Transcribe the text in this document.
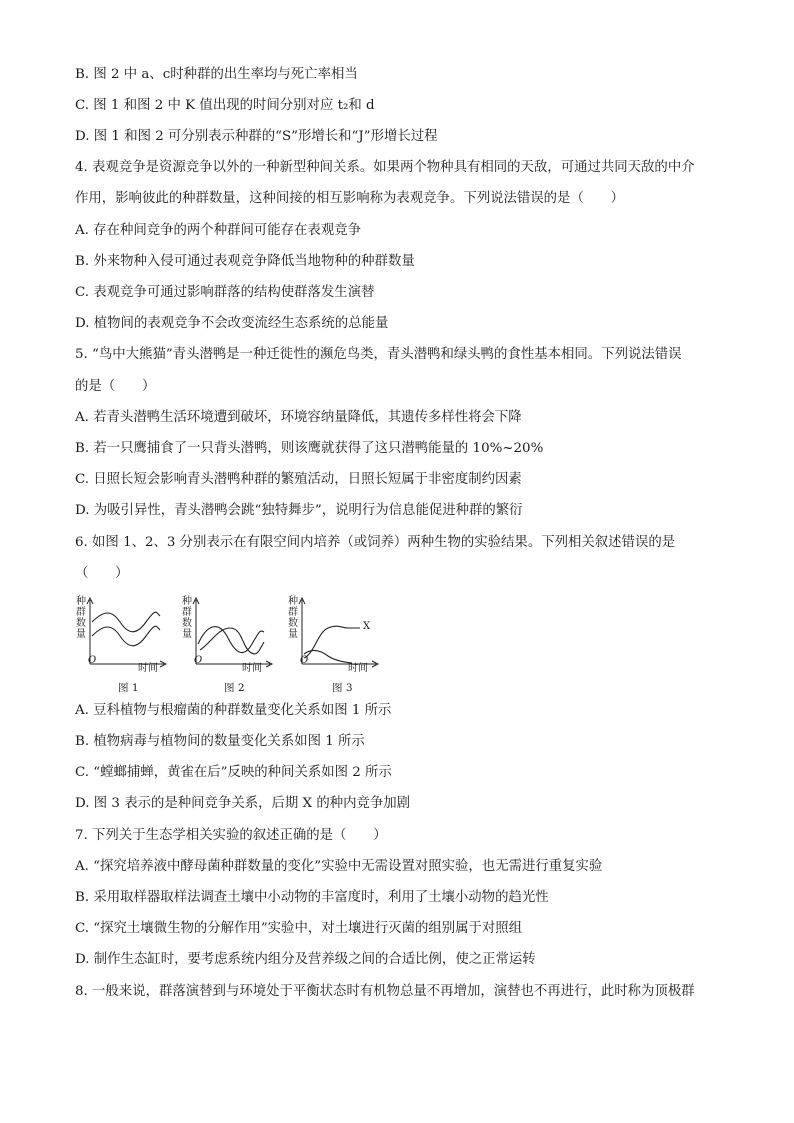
B. 图 2 中 a、c时种群的出生率均与死亡率相当
C. 图 1 和图 2 中 K 值出现的时间分别对应 t₂和 d
D. 图 1 和图 2 可分别表示种群的“S”形增长和“J”形增长过程
4. 表观竞争是资源竞争以外的一种新型种间关系。如果两个物种具有相同的天敌，可通过共同天敌的中介
作用，影响彼此的种群数量，这种间接的相互影响称为表观竞争。下列说法错误的是（　　）
A. 存在种间竞争的两个种群间可能存在表观竞争
B. 外来物种入侵可通过表观竞争降低当地物种的种群数量
C. 表观竞争可通过影响群落的结构使群落发生演替
D. 植物间的表观竞争不会改变流经生态系统的总能量
5. “鸟中大熊猫”青头潜鸭是一种迁徙性的濒危鸟类，青头潜鸭和绿头鸭的食性基本相同。下列说法错误
的是（　　）
A. 若青头潜鸭生活环境遭到破坏，环境容纳量降低，其遗传多样性将会下降
B. 若一只鹰捕食了一只背头潜鸭，则该鹰就获得了这只潜鸭能量的 10%~20%
C. 日照长短会影响青头潜鸭种群的繁殖活动，日照长短属于非密度制约因素
D. 为吸引异性，青头潜鸭会跳“独特舞步”，说明行为信息能促进种群的繁衍
6. 如图 1、2、3 分别表示在有限空间内培养（或饲养）两种生物的实验结果。下列相关叙述错误的是
（　　）
种群数量
O
时间
图 1
种群数量
O
时间
图 2
X
种群数量
O
时间
图 3
A. 豆科植物与根瘤菌的种群数量变化关系如图 1 所示
B. 植物病毒与植物间的数量变化关系如图 1 所示
C. “螳螂捕蝉，黄雀在后”反映的种间关系如图 2 所示
D. 图 3 表示的是种间竞争关系，后期 X 的种内竞争加剧
7. 下列关于生态学相关实验的叙述正确的是（　　）
A. “探究培养液中酵母菌种群数量的变化”实验中无需设置对照实验，也无需进行重复实验
B. 采用取样器取样法调查土壤中小动物的丰富度时，利用了土壤小动物的趋光性
C. “探究土壤微生物的分解作用”实验中，对土壤进行灭菌的组别属于对照组
D. 制作生态缸时，要考虑系统内组分及营养级之间的合适比例，使之正常运转
8. 一般来说，群落演替到与环境处于平衡状态时有机物总量不再增加，演替也不再进行，此时称为顶极群
